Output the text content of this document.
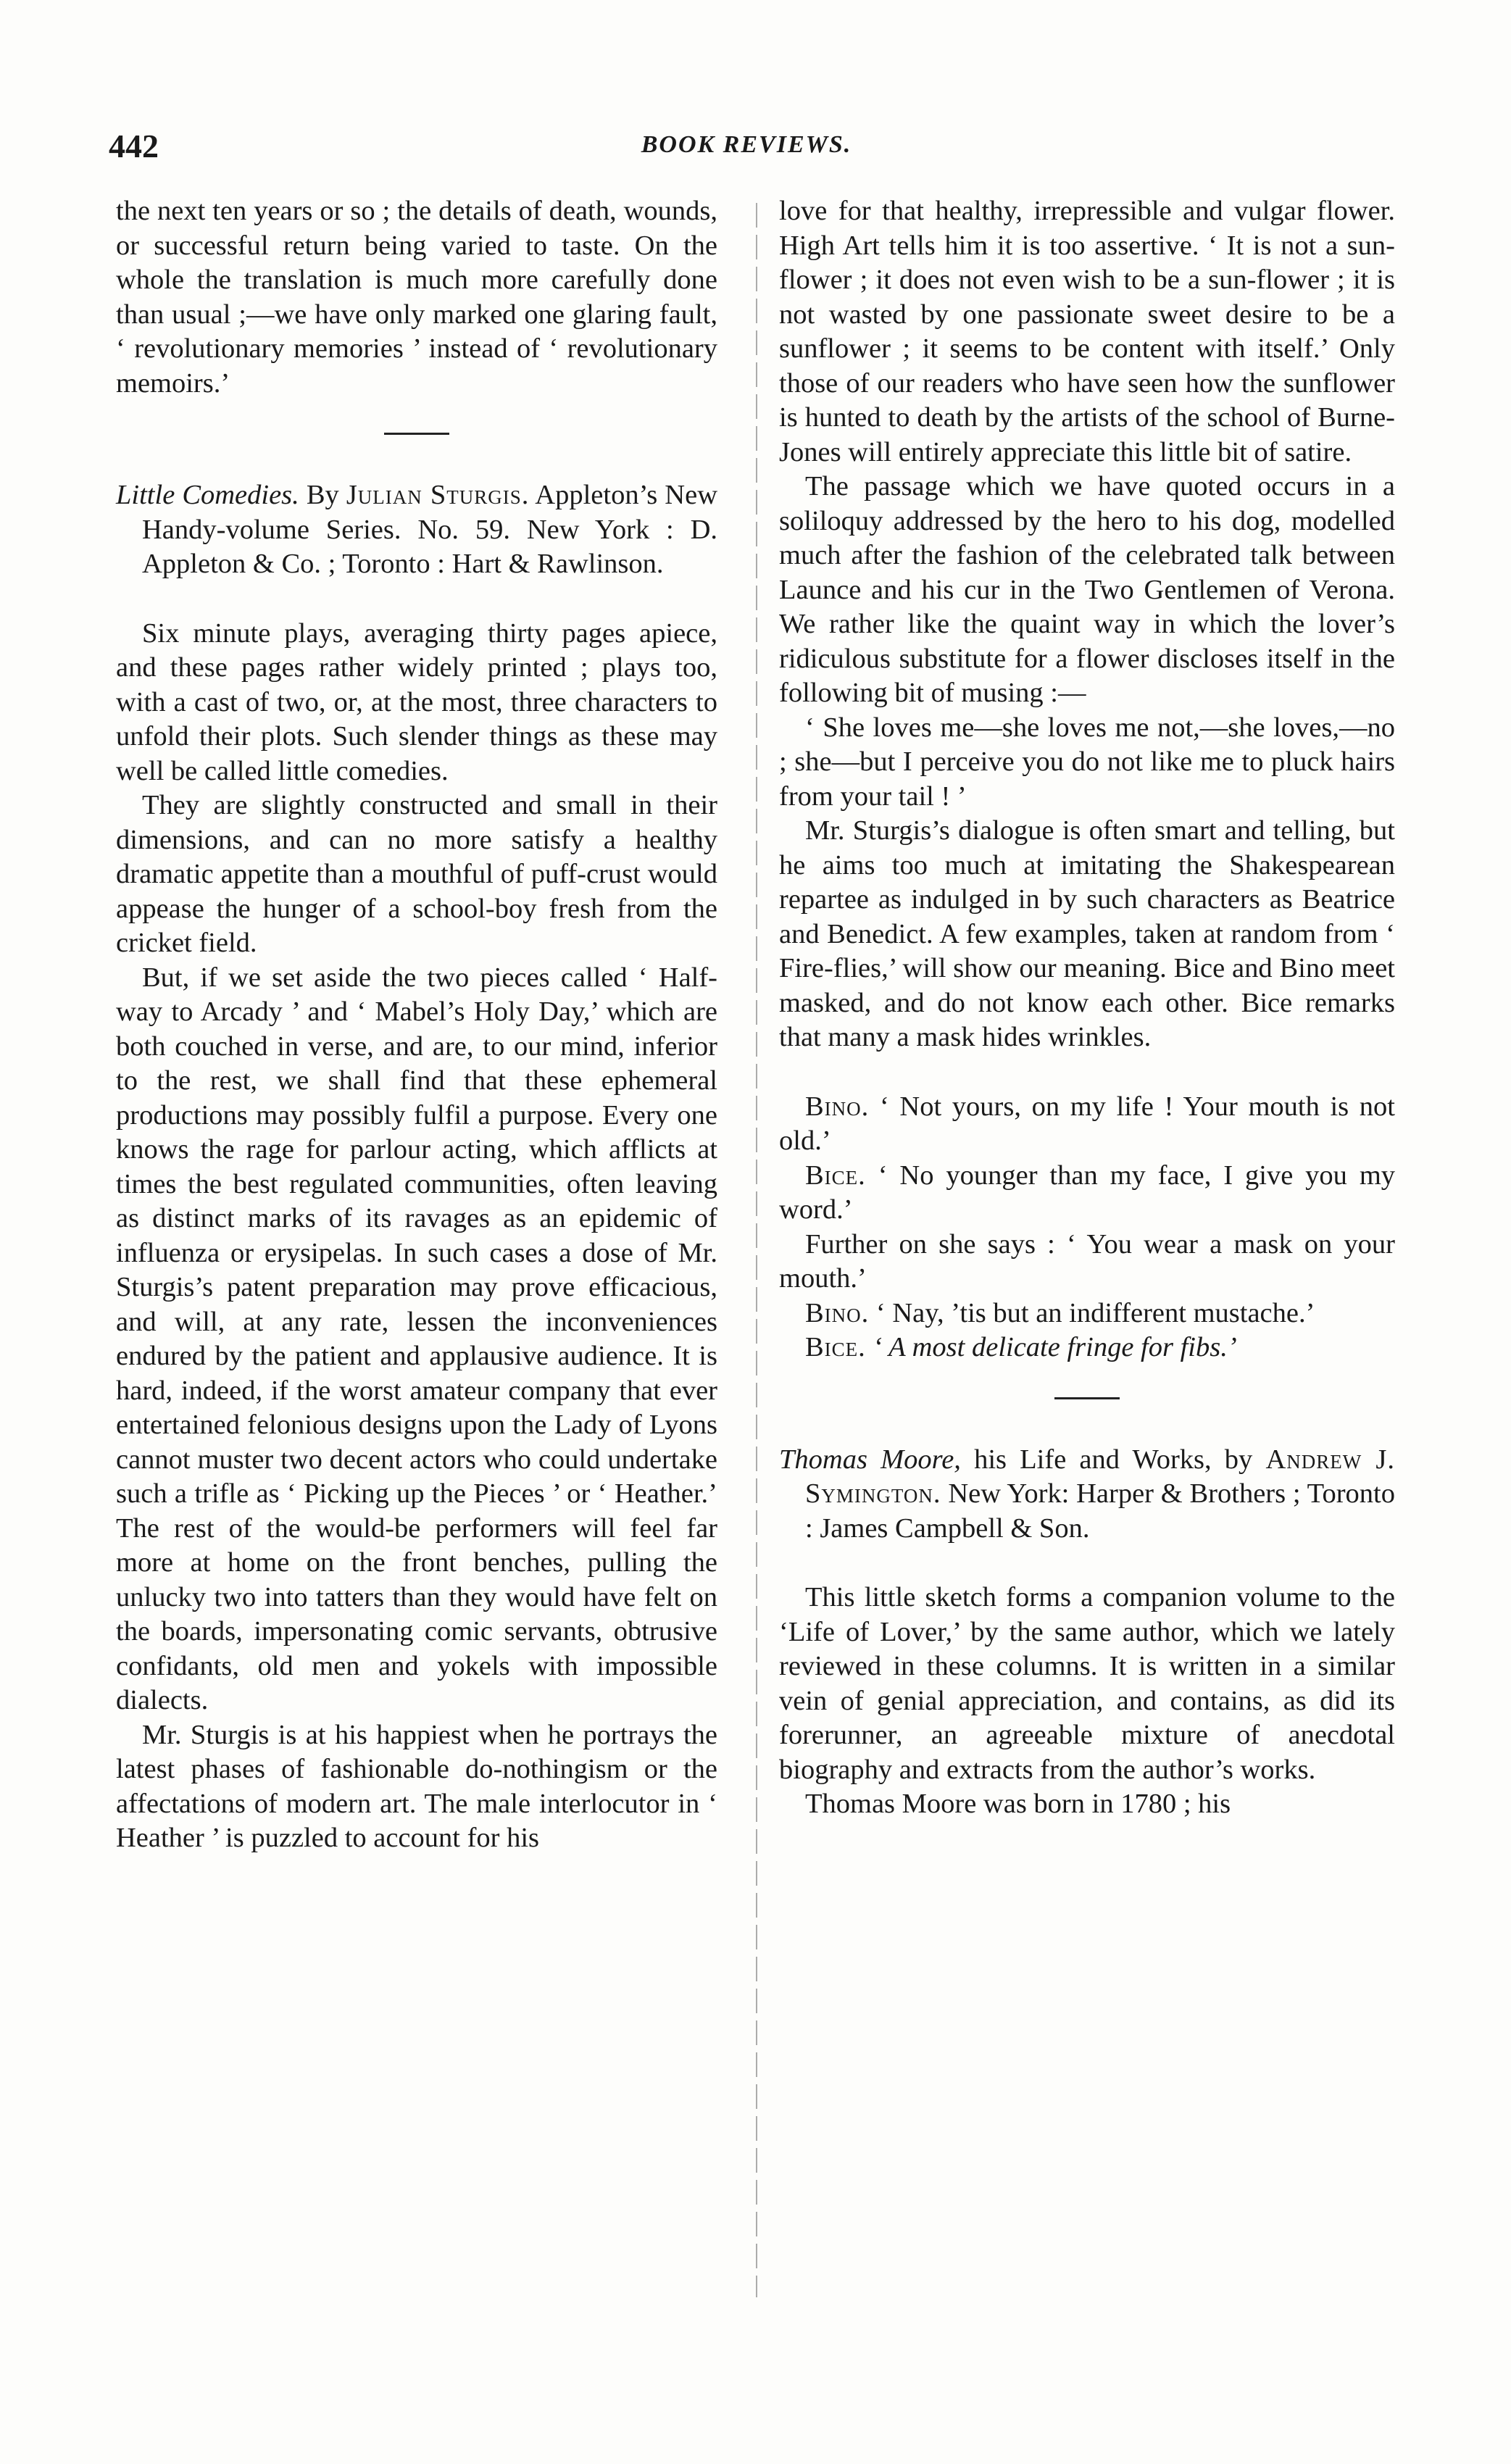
442	BOOK REVIEWS.

the next ten years or so ; the details of death, wounds, or successful return being varied to taste. On the whole the translation is much more carefully done than usual ;—we have only marked one glaring fault, ‘ revolutionary memories ’ instead of ‘ revolutionary memoirs.’

Little Comedies. By Julian Sturgis. Appleton’s New Handy-volume Series. No. 59. New York : D. Appleton & Co. ; Toronto : Hart & Rawlinson.

Six minute plays, averaging thirty pages apiece, and these pages rather widely printed ; plays too, with a cast of two, or, at the most, three characters to unfold their plots. Such slender things as these may well be called little comedies.

They are slightly constructed and small in their dimensions, and can no more satisfy a healthy dramatic appetite than a mouthful of puff-crust would appease the hunger of a school-boy fresh from the cricket field.

But, if we set aside the two pieces called ‘ Half-way to Arcady ’ and ‘ Mabel’s Holy Day,’ which are both couched in verse, and are, to our mind, inferior to the rest, we shall find that these ephemeral productions may possibly fulfil a purpose. Every one knows the rage for parlour acting, which afflicts at times the best regulated communities, often leaving as distinct marks of its ravages as an epidemic of influenza or erysipelas. In such cases a dose of Mr. Sturgis’s patent preparation may prove efficacious, and will, at any rate, lessen the inconveniences endured by the patient and applausive audience. It is hard, indeed, if the worst amateur company that ever entertained felonious designs upon the Lady of Lyons cannot muster two decent actors who could undertake such a trifle as ‘ Picking up the Pieces ’ or ‘ Heather.’ The rest of the would-be performers will feel far more at home on the front benches, pulling the unlucky two into tatters than they would have felt on the boards, impersonating comic servants, obtrusive confidants, old men and yokels with impossible dialects.

Mr. Sturgis is at his happiest when he portrays the latest phases of fashionable do-nothingism or the affectations of modern art. The male interlocutor in ‘ Heather ’ is puzzled to account for his

love for that healthy, irrepressible and vulgar flower. High Art tells him it is too assertive. ‘ It is not a sun-flower ; it does not even wish to be a sun-flower ; it is not wasted by one passionate sweet desire to be a sunflower ; it seems to be content with itself.’ Only those of our readers who have seen how the sunflower is hunted to death by the artists of the school of Burne-Jones will entirely appreciate this little bit of satire.

The passage which we have quoted occurs in a soliloquy addressed by the hero to his dog, modelled much after the fashion of the celebrated talk between Launce and his cur in the Two Gentlemen of Verona. We rather like the quaint way in which the lover’s ridiculous substitute for a flower discloses itself in the following bit of musing :—

‘ She loves me—she loves me not,—she loves,—no ; she—but I perceive you do not like me to pluck hairs from your tail ! ’

Mr. Sturgis’s dialogue is often smart and telling, but he aims too much at imitating the Shakespearean repartee as indulged in by such characters as Beatrice and Benedict. A few examples, taken at random from ‘ Fire-flies,’ will show our meaning. Bice and Bino meet masked, and do not know each other. Bice remarks that many a mask hides wrinkles.

Bino. ‘ Not yours, on my life ! Your mouth is not old.’

Bice. ‘ No younger than my face, I give you my word.’

Further on she says : ‘ You wear a mask on your mouth.’

Bino. ‘ Nay, ’tis but an indifferent mustache.’

Bice. ‘ A most delicate fringe for fibs.’

Thomas Moore, his Life and Works, by Andrew J. Symington. New York: Harper & Brothers ; Toronto : James Campbell & Son.

This little sketch forms a companion volume to the ‘Life of Lover,’ by the same author, which we lately reviewed in these columns. It is written in a similar vein of genial appreciation, and contains, as did its forerunner, an agreeable mixture of anecdotal biography and extracts from the author’s works.

Thomas Moore was born in 1780 ; his
